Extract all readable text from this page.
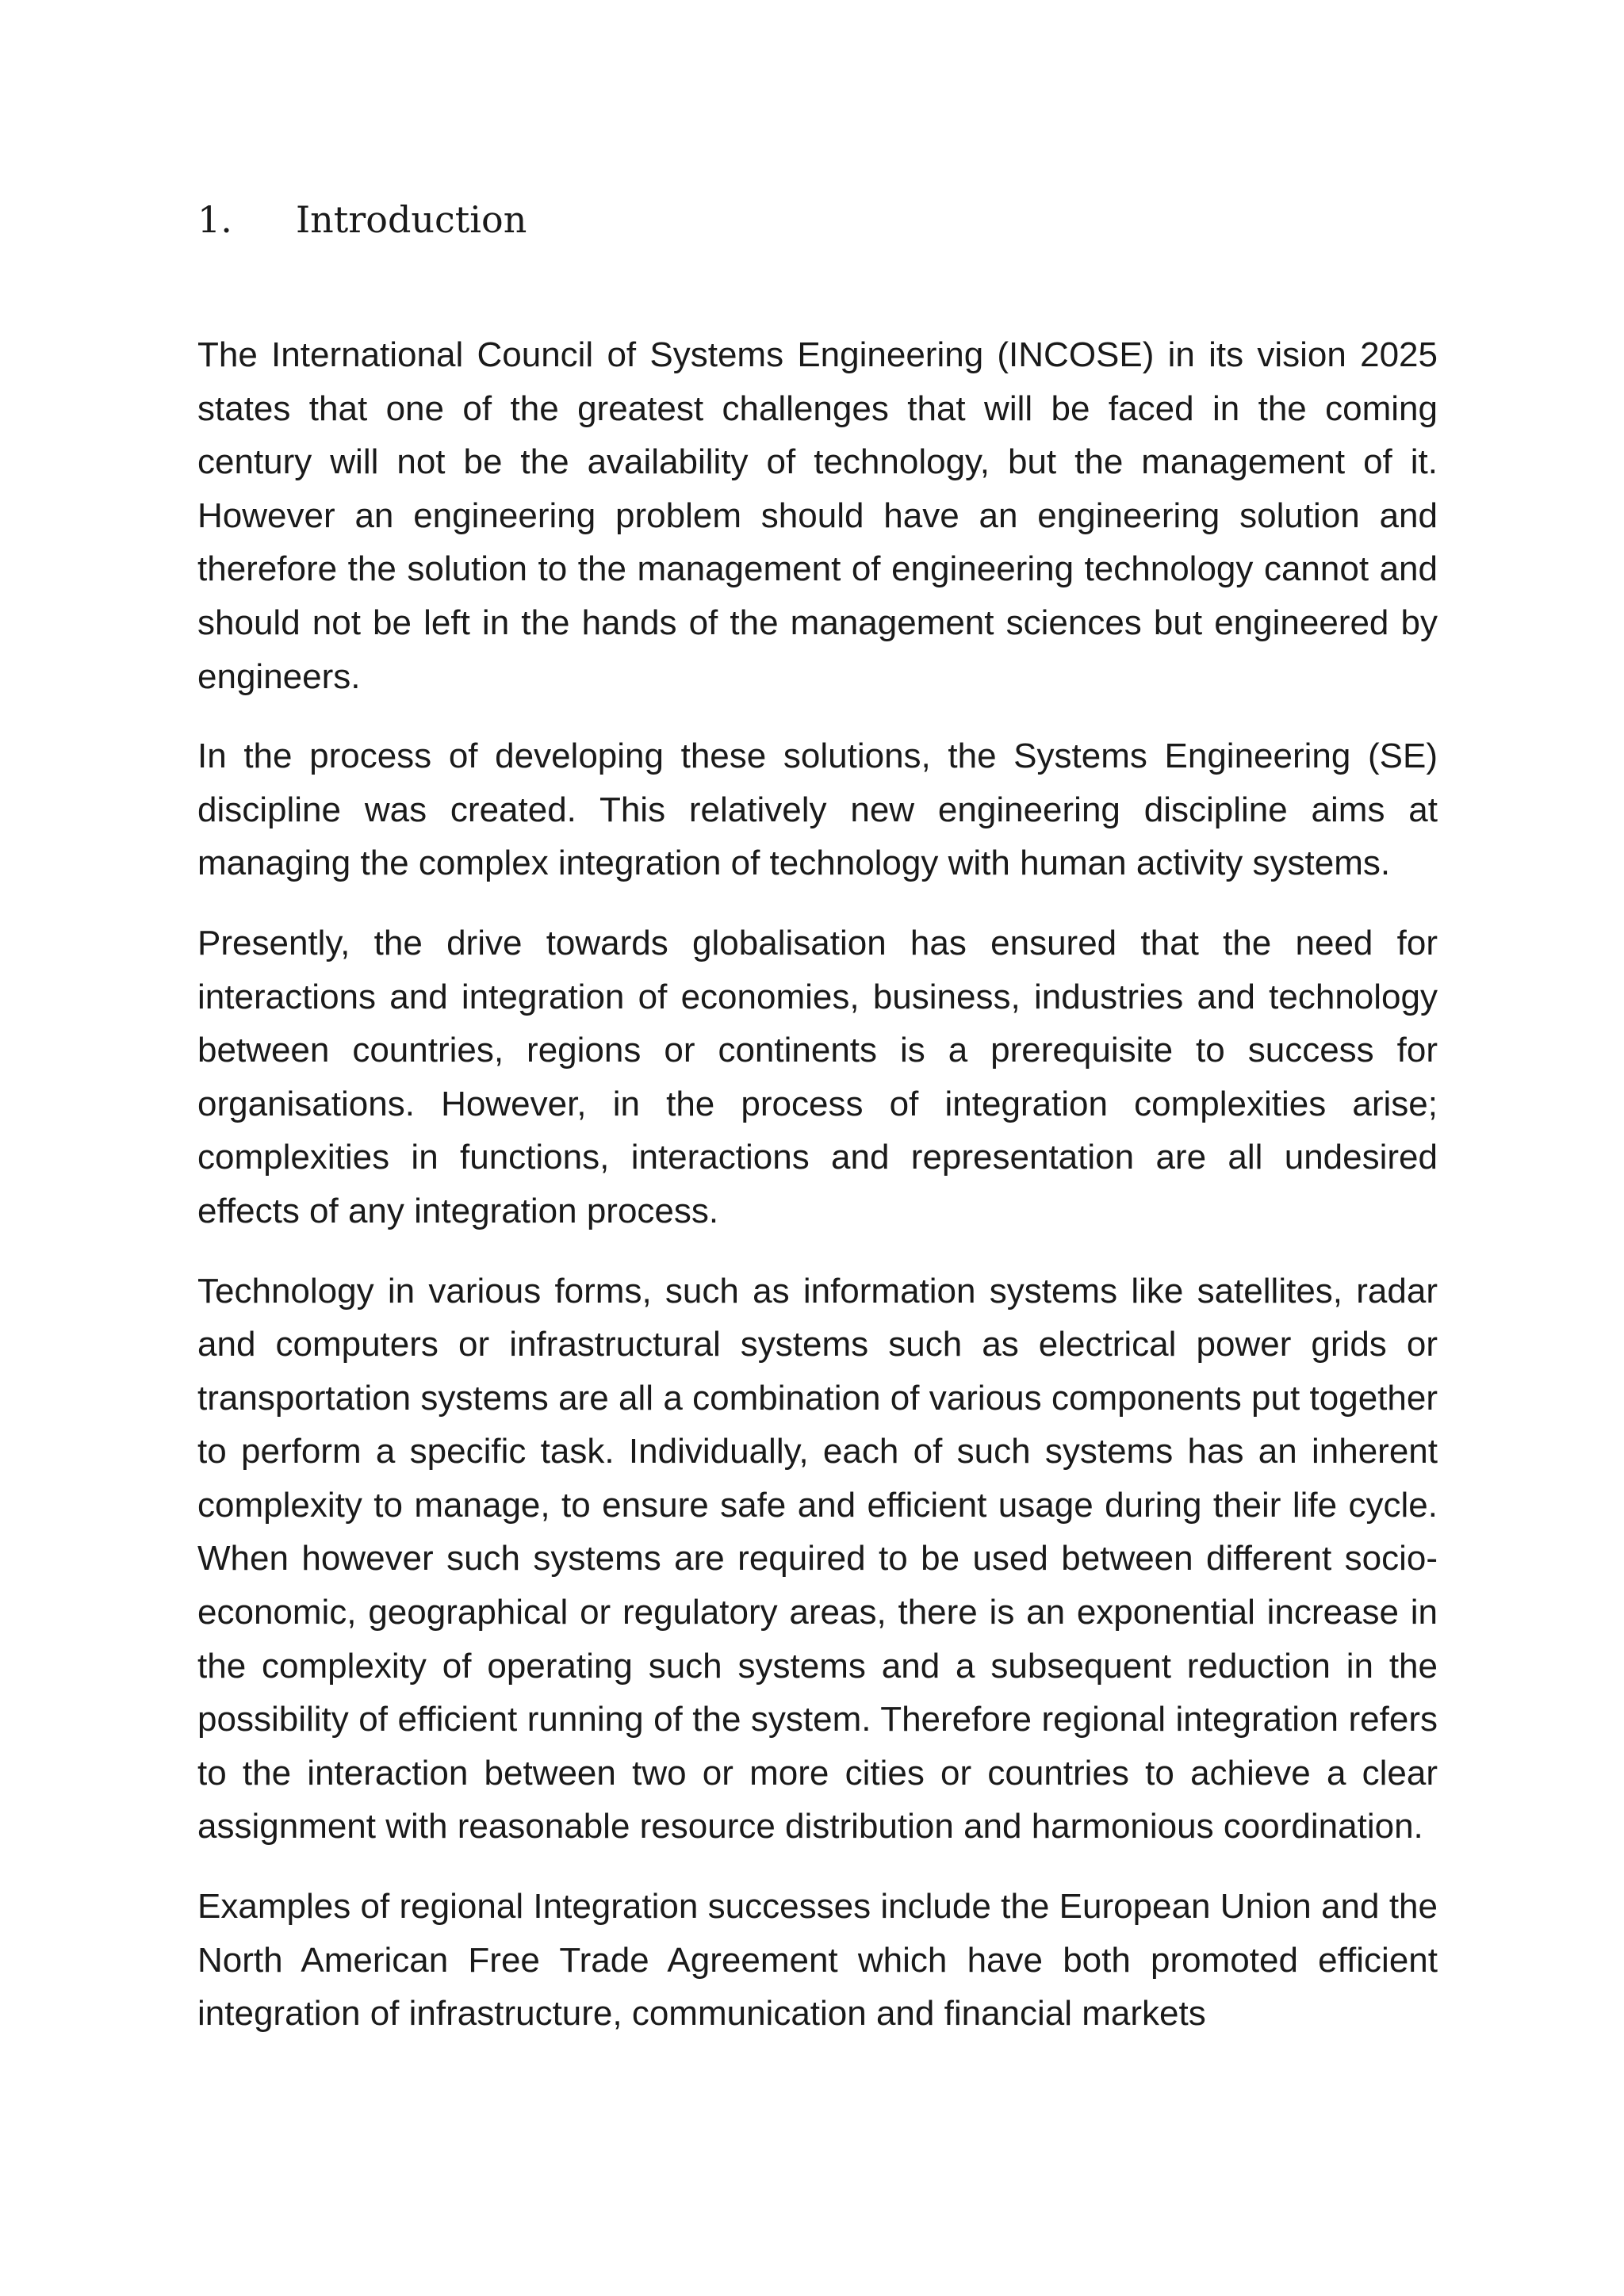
1.	Introduction

The International Council of Systems Engineering (INCOSE) in its vision 2025 states that one of the greatest challenges that will be faced in the coming century will not be the availability of technology, but the management of it. However an engineering problem should have an engineering solution and therefore the solution to the management of engineering technology cannot and should not be left in the hands of the management sciences but engineered by engineers.

In the process of developing these solutions, the Systems Engineering (SE) discipline was created. This relatively new engineering discipline aims at managing the complex integration of technology with human activity systems.

Presently, the drive towards globalisation has ensured that the need for interactions and integration of economies, business, industries and technology between countries, regions or continents is a prerequisite to success for organisations. However, in the process of integration complexities arise; complexities in functions, interactions and representation are all undesired effects of any integration process.

Technology in various forms, such as information systems like satellites, radar and computers or infrastructural systems such as electrical power grids or transportation systems are all a combination of various components put together to perform a specific task. Individually, each of such systems has an inherent complexity to manage, to ensure safe and efficient usage during their life cycle. When however such systems are required to be used between different socio-economic, geographical or regulatory areas, there is an exponential increase in the complexity of operating such systems and a subsequent reduction in the possibility of efficient running of the system. Therefore regional integration refers to the interaction between two or more cities or countries to achieve a clear assignment with reasonable resource distribution and harmonious coordination.

Examples of regional Integration successes include the European Union and the North American Free Trade Agreement which have both promoted efficient integration of infrastructure, communication and financial markets
